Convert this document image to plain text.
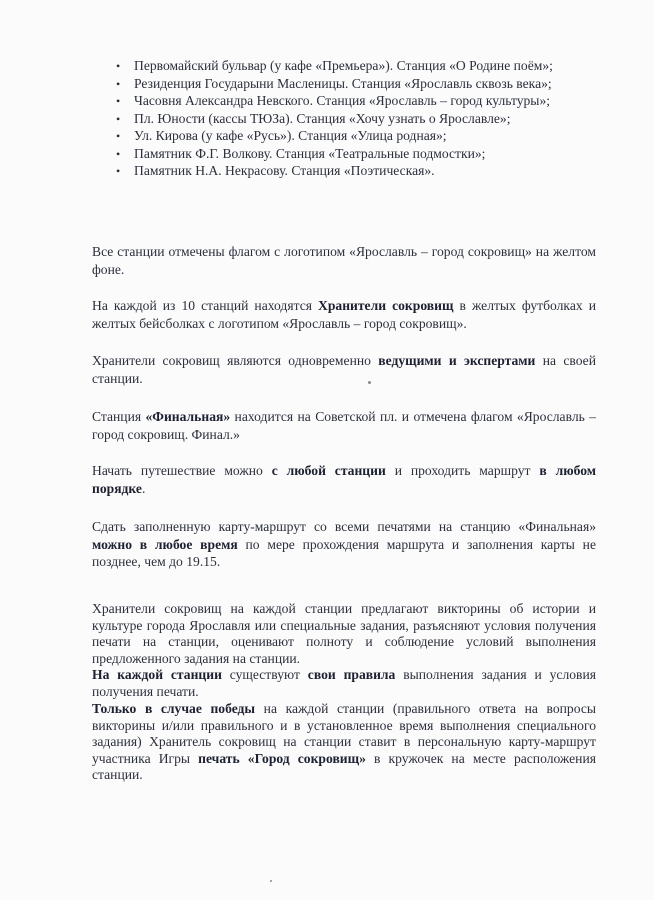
• Первомайский бульвар (у кафе «Премьера»). Станция «О Родине поём»;
• Резиденция Государыни Масленицы. Станция «Ярославль сквозь века»;
• Часовня Александра Невского. Станция «Ярославль – город культуры»;
• Пл. Юности (кассы ТЮЗа). Станция «Хочу узнать о Ярославле»;
• Ул. Кирова (у кафе «Русь»). Станция «Улица родная»;
• Памятник Ф.Г. Волкову. Станция «Театральные подмостки»;
• Памятник Н.А. Некрасову. Станция «Поэтическая».

Все станции отмечены флагом с логотипом «Ярославль – город сокровищ» на желтом фоне.

На каждой из 10 станций находятся Хранители сокровищ в желтых футболках и желтых бейсболках с логотипом «Ярославль – город сокровищ».

Хранители сокровищ являются одновременно ведущими и экспертами на своей станции.

Станция «Финальная» находится на Советской пл. и отмечена флагом «Ярославль – город сокровищ. Финал.»

Начать путешествие можно с любой станции и проходить маршрут в любом порядке.

Сдать заполненную карту-маршрут со всеми печатями на станцию «Финальная» можно в любое время по мере прохождения маршрута и заполнения карты не позднее, чем до 19.15.

Хранители сокровищ на каждой станции предлагают викторины об истории и культуре города Ярославля или специальные задания, разъясняют условия получения печати на станции, оценивают полноту и соблюдение условий выполнения предложенного задания на станции.

На каждой станции существуют свои правила выполнения задания и условия получения печати.

Только в случае победы на каждой станции (правильного ответа на вопросы викторины и/или правильного и в установленное время выполнения специального задания) Хранитель сокровищ на станции ставит в персональную карту-маршрут участника Игры печать «Город сокровищ» в кружочек на месте расположения станции.
